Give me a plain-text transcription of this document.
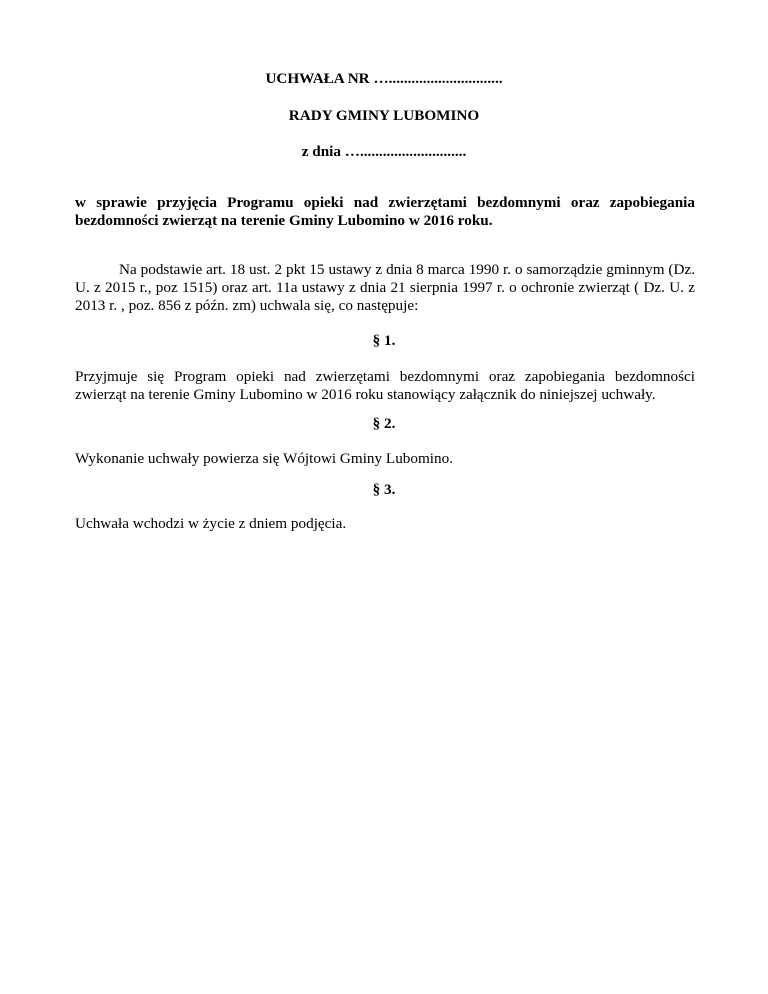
UCHWAŁA NR …..............................

RADY GMINY LUBOMINO

z dnia …............................

w sprawie przyjęcia Programu opieki nad zwierzętami bezdomnymi oraz zapobiegania bezdomności zwierząt na terenie Gminy Lubomino w 2016 roku.

Na podstawie art. 18 ust. 2 pkt 15 ustawy z dnia 8 marca 1990 r. o samorządzie gminnym (Dz. U. z 2015 r., poz 1515) oraz art. 11a ustawy z dnia 21 sierpnia 1997 r. o ochronie zwierząt ( Dz. U. z 2013 r. , poz. 856 z późn. zm) uchwala się, co następuje:

§ 1.

Przyjmuje się Program opieki nad zwierzętami bezdomnymi oraz zapobiegania bezdomności zwierząt na terenie Gminy Lubomino w 2016 roku stanowiący załącznik do niniejszej uchwały.

§ 2.

Wykonanie uchwały powierza się Wójtowi Gminy Lubomino.

§ 3.

Uchwała wchodzi w życie z dniem podjęcia.
